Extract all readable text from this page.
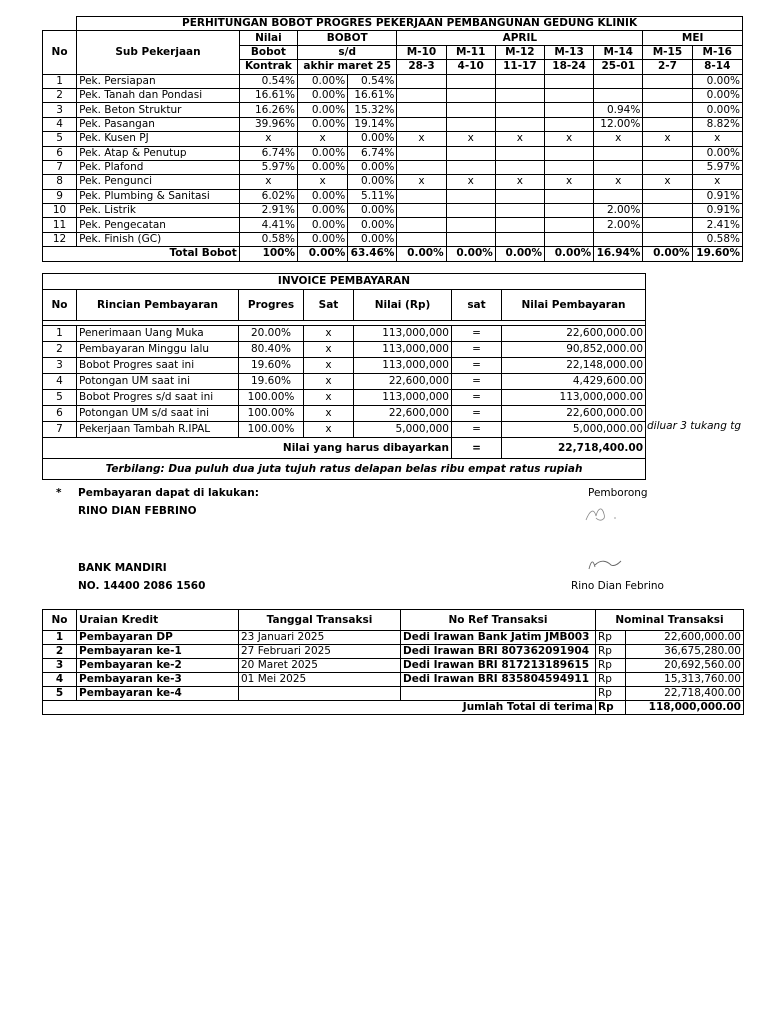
	PERHITUNGAN BOBOT PROGRES PEKERJAAN PEMBANGUNAN GEDUNG KLINIK										
No	Sub Pekerjaan	Nilai	BOBOT		APRIL					MEI	
		Bobot	s/d		M-10	M-11	M-12	M-13	M-14	M-15	M-16
		Kontrak	akhir maret 25		28-3	4-10	11-17	18-24	25-01	2-7	8-14
1	Pek. Persiapan	0.54%	0.00%	0.54%							0.00%
2	Pek. Tanah dan Pondasi	16.61%	0.00%	16.61%							0.00%
3	Pek. Beton Struktur	16.26%	0.00%	15.32%					0.94%		0.00%
4	Pek. Pasangan	39.96%	0.00%	19.14%					12.00%		8.82%
5	Pek. Kusen PJ	x	x	0.00%	x	x	x	x	x	x	x
6	Pek. Atap & Penutup	6.74%	0.00%	6.74%							0.00%
7	Pek. Plafond	5.97%	0.00%	0.00%							5.97%
8	Pek. Pengunci	x	x	0.00%	x	x	x	x	x	x	x
9	Pek. Plumbing & Sanitasi	6.02%	0.00%	5.11%							0.91%
10	Pek. Listrik	2.91%	0.00%	0.00%					2.00%		0.91%
11	Pek. Pengecatan	4.41%	0.00%	0.00%					2.00%		2.41%
12	Pek. Finish (GC)	0.58%	0.00%	0.00%							0.58%
Total Bobot		100%	0.00%	63.46%	0.00%	0.00%	0.00%	0.00%	16.94%	0.00%	19.60%
INVOICE PEMBAYARAN						
No	Rincian Pembayaran	Progres	Sat	Nilai (Rp)	sat	Nilai Pembayaran

1	Penerimaan Uang Muka	20.00%	x	113,000,000	=	22,600,000.00
2	Pembayaran Minggu lalu	80.40%	x	113,000,000	=	90,852,000.00
3	Bobot Progres saat ini	19.60%	x	113,000,000	=	22,148,000.00
4	Potongan UM saat ini	19.60%	x	22,600,000	=	4,429,600.00
5	Bobot Progres s/d saat ini	100.00%	x	113,000,000	=	113,000,000.00
6	Potongan UM s/d saat ini	100.00%	x	22,600,000	=	22,600,000.00
7	Pekerjaan Tambah R.IPAL	100.00%	x	5,000,000	=	5,000,000.00
Nilai yang harus dibayarkan					=	22,718,400.00
Terbilang: Dua puluh dua juta tujuh ratus delapan belas ribu empat ratus rupiah						
diluar 3 tukang tg
* Pembayaran dapat di lakukan:
RINO DIAN FEBRINO
BANK MANDIRI
NO. 14400 2086 1560
Pemborong
Rino Dian Febrino
No	Uraian Kredit	Tanggal Transaksi	No Ref Transaksi	Nominal Transaksi	
1	Pembayaran DP	23 Januari 2025	Dedi Irawan Bank Jatim JMB003	Rp	22,600,000.00
2	Pembayaran ke-1	27 Februari 2025	Dedi Irawan BRI 807362091904	Rp	36,675,280.00
3	Pembayaran ke-2	20 Maret 2025	Dedi Irawan BRI 817213189615	Rp	20,692,560.00
4	Pembayaran ke-3	01 Mei 2025	Dedi Irawan BRI 835804594911	Rp	15,313,760.00
5	Pembayaran ke-4			Rp	22,718,400.00
Jumlah Total di terima				Rp	118,000,000.00
